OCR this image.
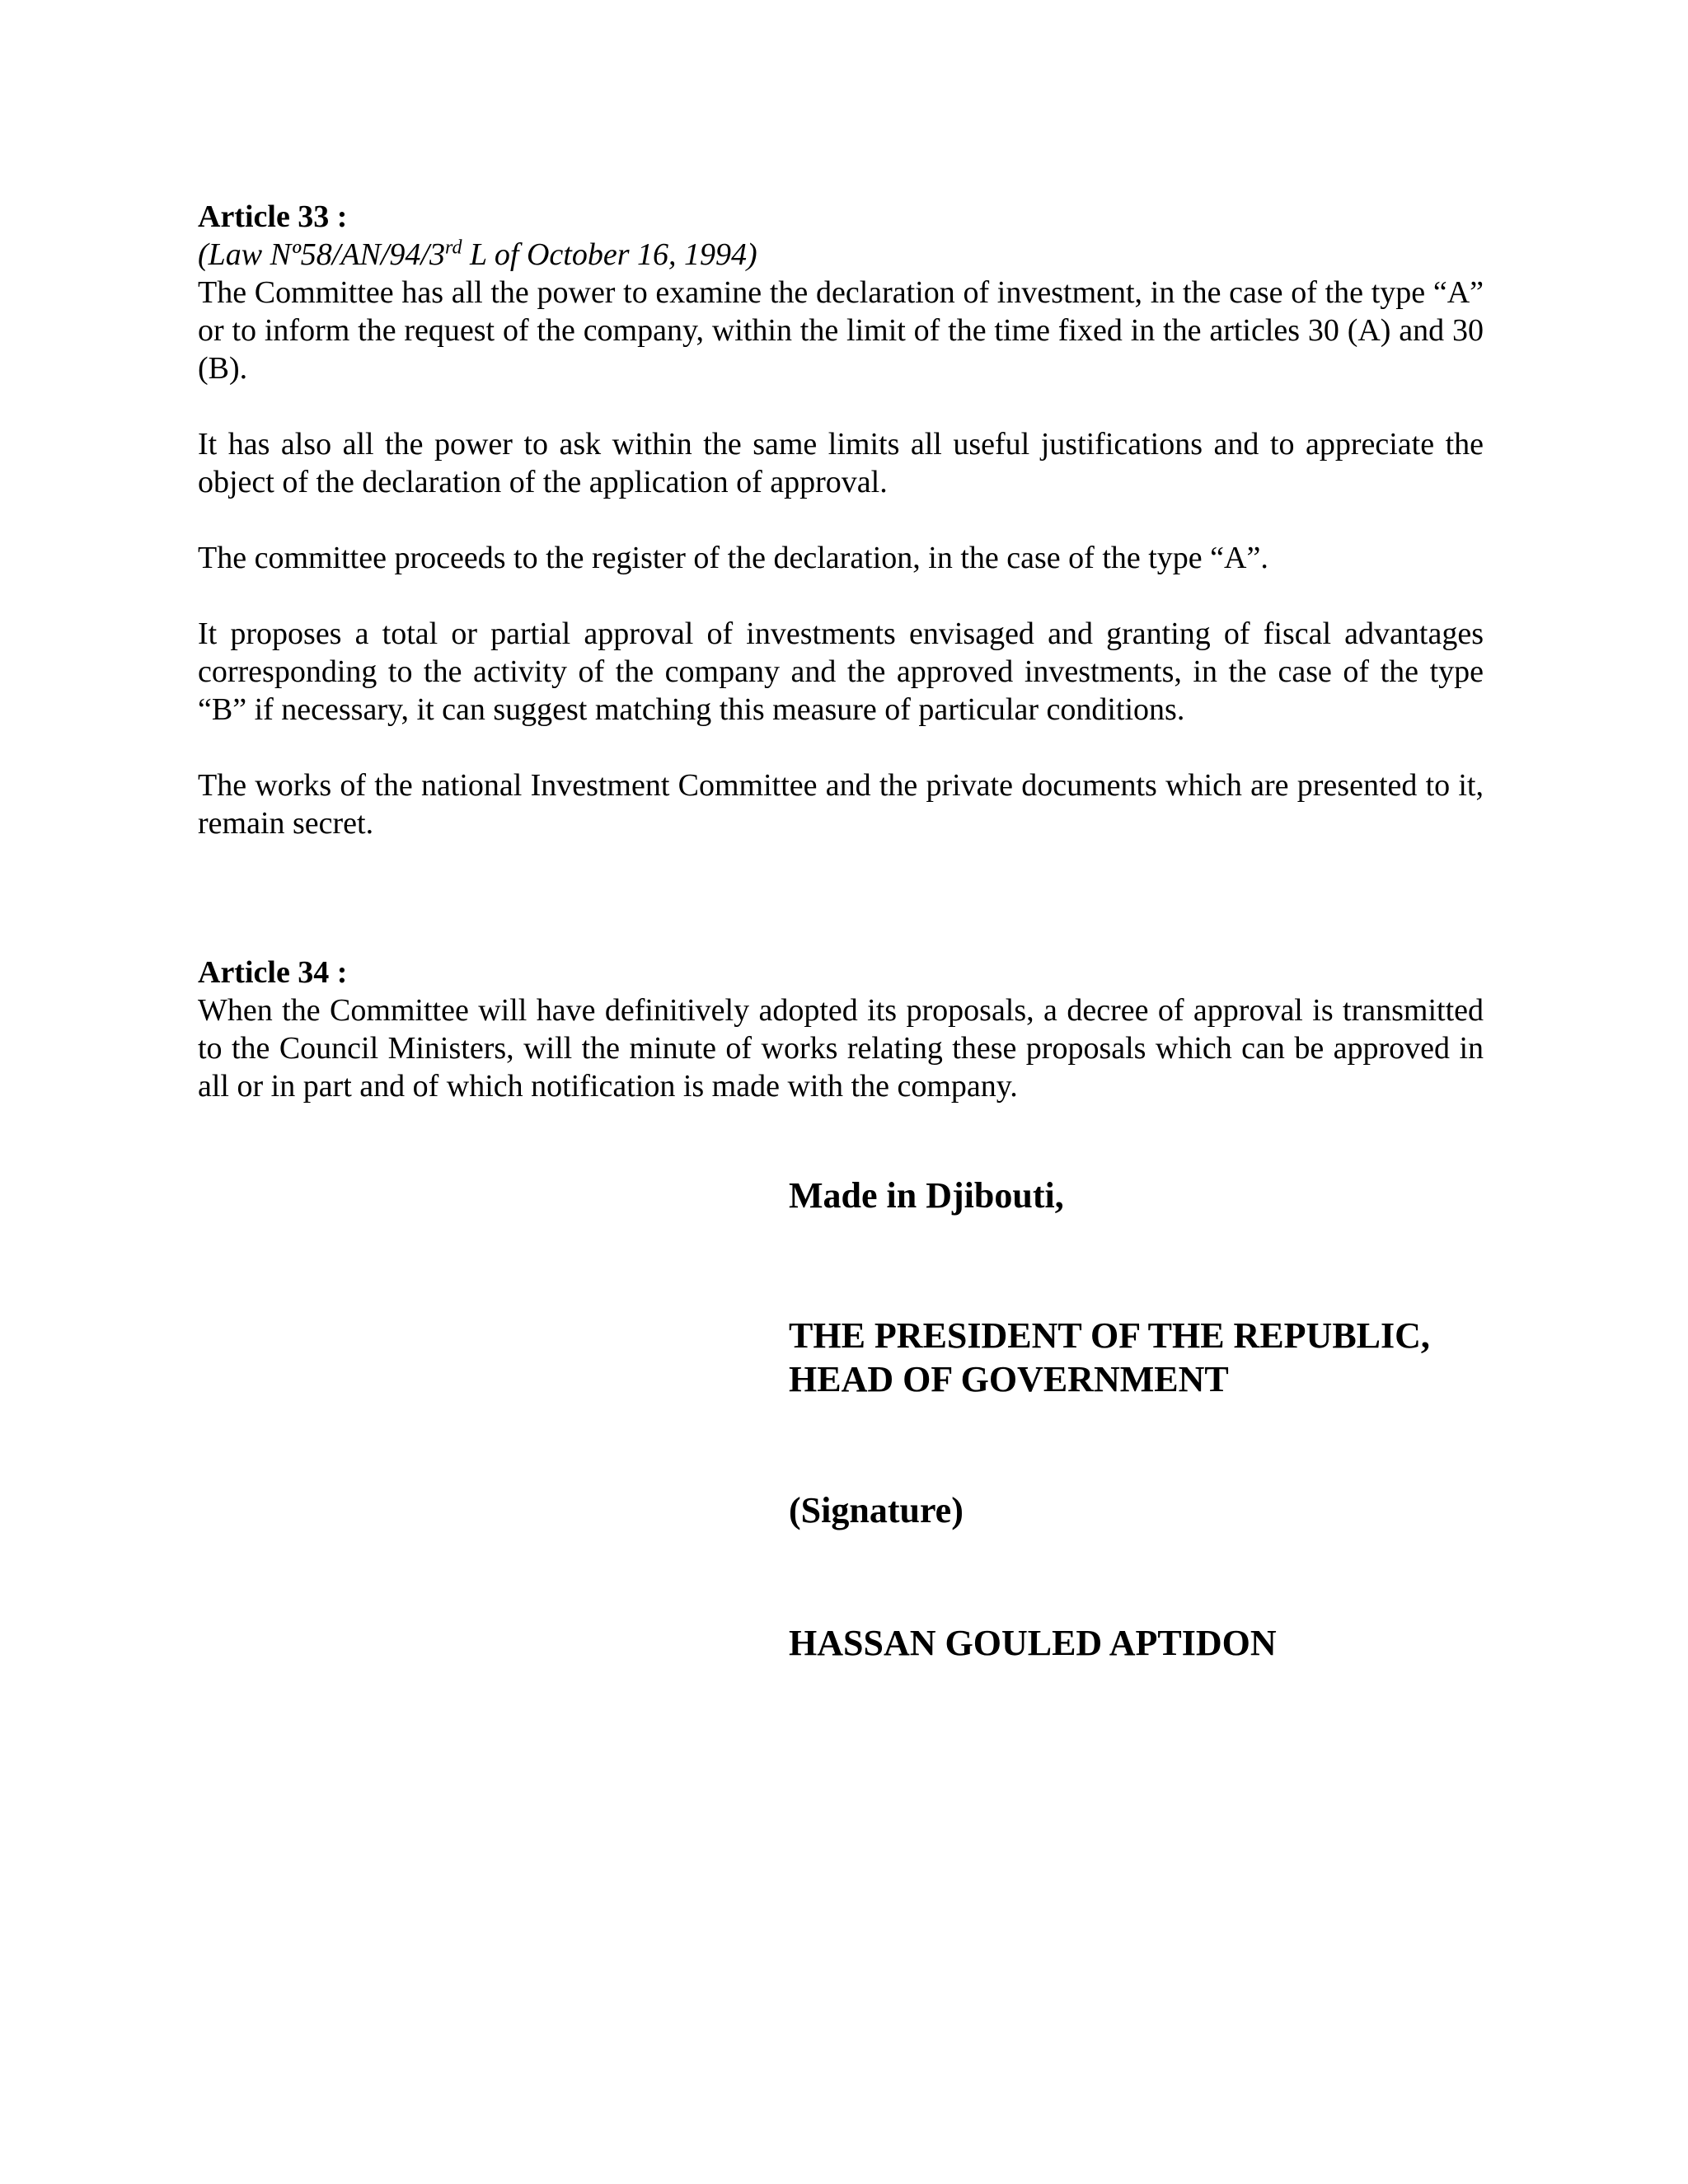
Article 33 :

(Law Nº58/AN/94/3rd L of October 16, 1994)

The Committee has all the power to examine the declaration of investment, in the case of the type “A” or to inform the request of the company, within the limit of the time fixed in the articles 30 (A) and 30 (B).

It has also all the power to ask within the same limits all useful justifications and to appreciate the object of the declaration of the application of approval.

The committee proceeds to the register of the declaration, in the case of the type “A”.

It proposes a total or partial approval of investments envisaged and granting of fiscal advantages corresponding to the activity of the company and the approved investments, in the case of the type “B” if necessary, it can suggest matching this measure of particular conditions.

The works of the national Investment Committee and the private documents which are presented to it, remain secret.

Article 34 :

When the Committee will have definitively adopted its proposals, a decree of approval is transmitted to the Council Ministers, will the minute of works relating these proposals which can be approved in all or in part and of which notification is made with the company.

Made in Djibouti,
THE PRESIDENT OF THE REPUBLIC,
HEAD OF GOVERNMENT
(Signature)
HASSAN GOULED APTIDON
